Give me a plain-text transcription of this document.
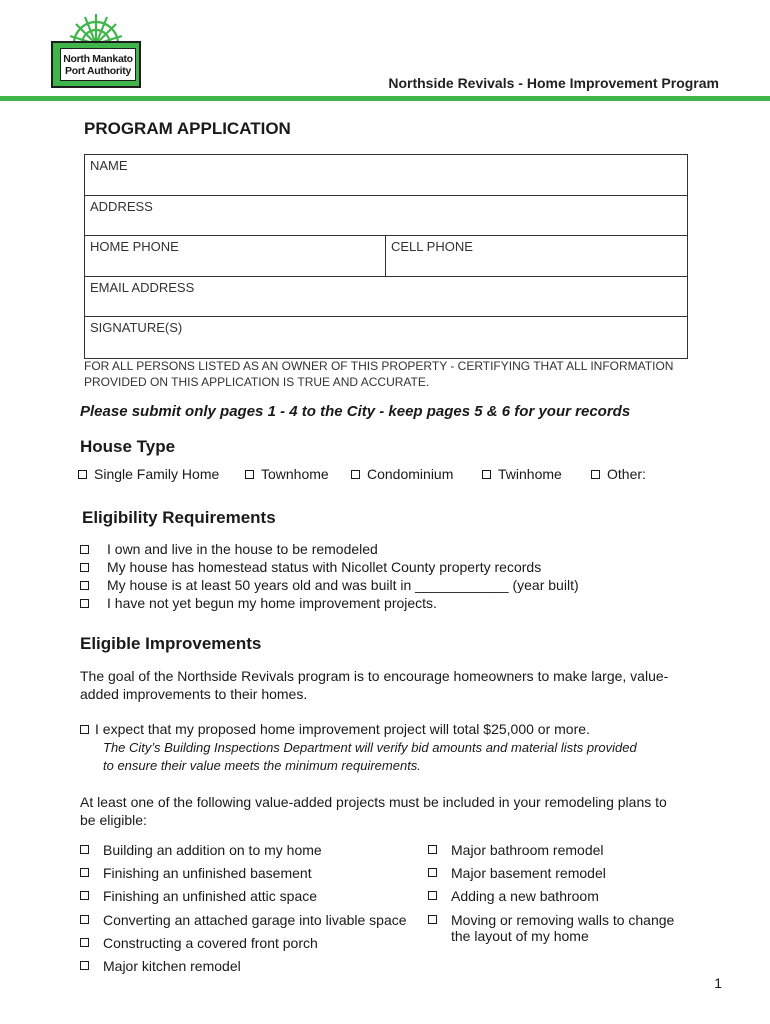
North Mankato
Port Authority
Northside Revivals - Home Improvement Program
PROGRAM APPLICATION
NAME
ADDRESS
HOME PHONE	CELL PHONE
EMAIL ADDRESS
SIGNATURE(S)
FOR ALL PERSONS LISTED AS AN OWNER OF THIS PROPERTY - CERTIFYING THAT ALL INFORMATION
PROVIDED ON THIS APPLICATION IS TRUE AND ACCURATE.
Please submit only pages 1 - 4 to the City - keep pages 5 & 6 for your records
House Type
Single Family Home	Townhome	Condominium	Twinhome	Other:
Eligibility Requirements
I own and live in the house to be remodeled
My house has homestead status with Nicollet County property records
My house is at least 50 years old and was built in ____________ (year built)
I have not yet begun my home improvement projects.
Eligible Improvements
The goal of the Northside Revivals program is to encourage homeowners to make large, value-
added improvements to their homes.
I expect that my proposed home improvement project will total $25,000 or more.
The City’s Building Inspections Department will verify bid amounts and material lists provided
to ensure their value meets the minimum requirements.
At least one of the following value-added projects must be included in your remodeling plans to
be eligible:
Building an addition on to my home
Finishing an unfinished basement
Finishing an unfinished attic space
Converting an attached garage into livable space
Constructing a covered front porch
Major kitchen remodel
Major bathroom remodel
Major basement remodel
Adding a new bathroom
Moving or removing walls to change
the layout of my home
1
